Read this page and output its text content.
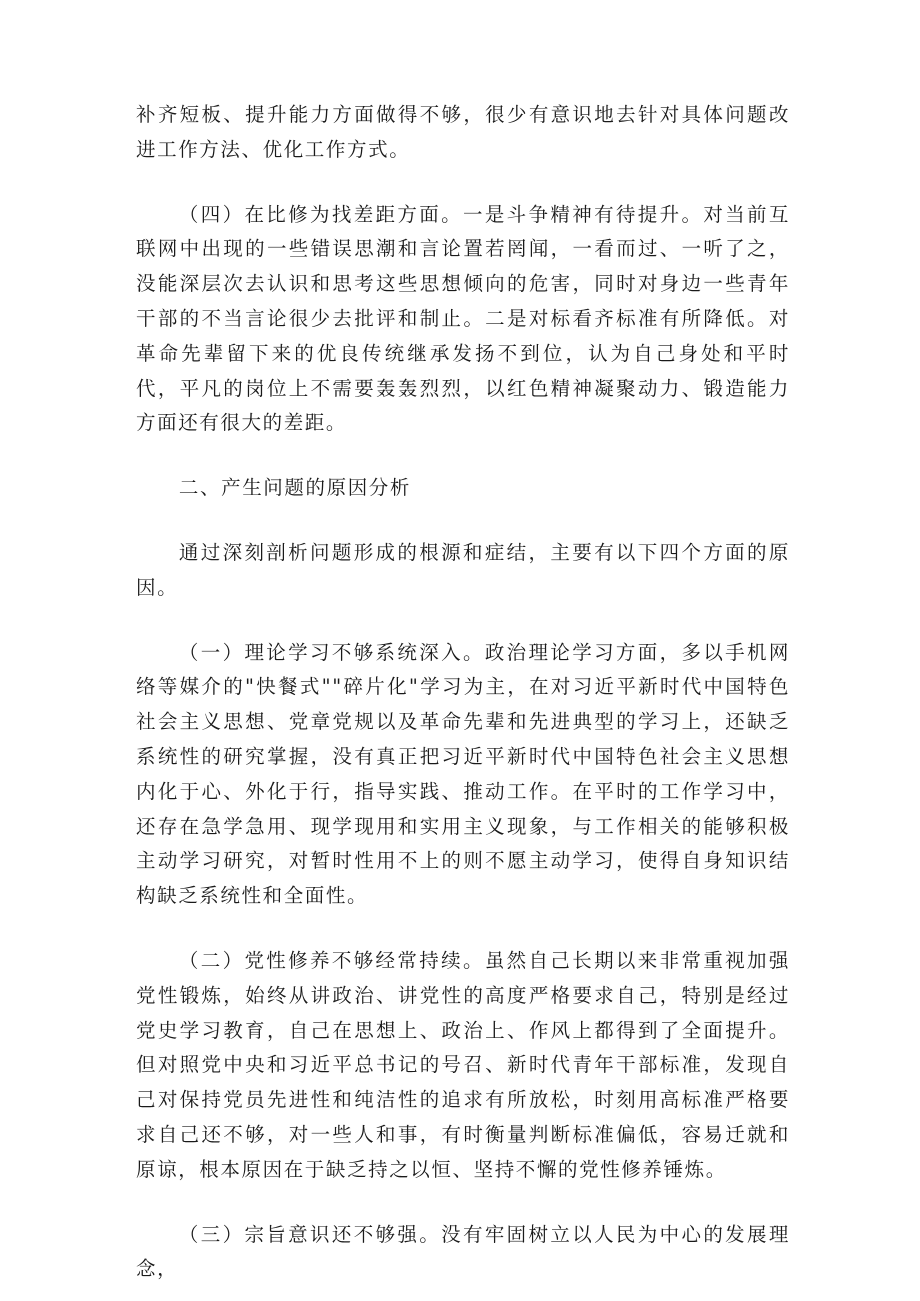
补齐短板、提升能力方面做得不够，很少有意识地去针对具体问题改进工作方法、优化工作方式。

（四）在比修为找差距方面。一是斗争精神有待提升。对当前互联网中出现的一些错误思潮和言论置若罔闻，一看而过、一听了之，没能深层次去认识和思考这些思想倾向的危害，同时对身边一些青年干部的不当言论很少去批评和制止。二是对标看齐标准有所降低。对革命先辈留下来的优良传统继承发扬不到位，认为自己身处和平时代，平凡的岗位上不需要轰轰烈烈，以红色精神凝聚动力、锻造能力方面还有很大的差距。

二、产生问题的原因分析

通过深刻剖析问题形成的根源和症结，主要有以下四个方面的原因。

（一）理论学习不够系统深入。政治理论学习方面，多以手机网络等媒介的"快餐式""碎片化"学习为主，在对习近平新时代中国特色社会主义思想、党章党规以及革命先辈和先进典型的学习上，还缺乏系统性的研究掌握，没有真正把习近平新时代中国特色社会主义思想内化于心、外化于行，指导实践、推动工作。在平时的工作学习中，还存在急学急用、现学现用和实用主义现象，与工作相关的能够积极主动学习研究，对暂时性用不上的则不愿主动学习，使得自身知识结构缺乏系统性和全面性。

（二）党性修养不够经常持续。虽然自己长期以来非常重视加强党性锻炼，始终从讲政治、讲党性的高度严格要求自己，特别是经过党史学习教育，自己在思想上、政治上、作风上都得到了全面提升。但对照党中央和习近平总书记的号召、新时代青年干部标准，发现自己对保持党员先进性和纯洁性的追求有所放松，时刻用高标准严格要求自己还不够，对一些人和事，有时衡量判断标准偏低，容易迁就和原谅，根本原因在于缺乏持之以恒、坚持不懈的党性修养锤炼。

（三）宗旨意识还不够强。没有牢固树立以人民为中心的发展理念，
